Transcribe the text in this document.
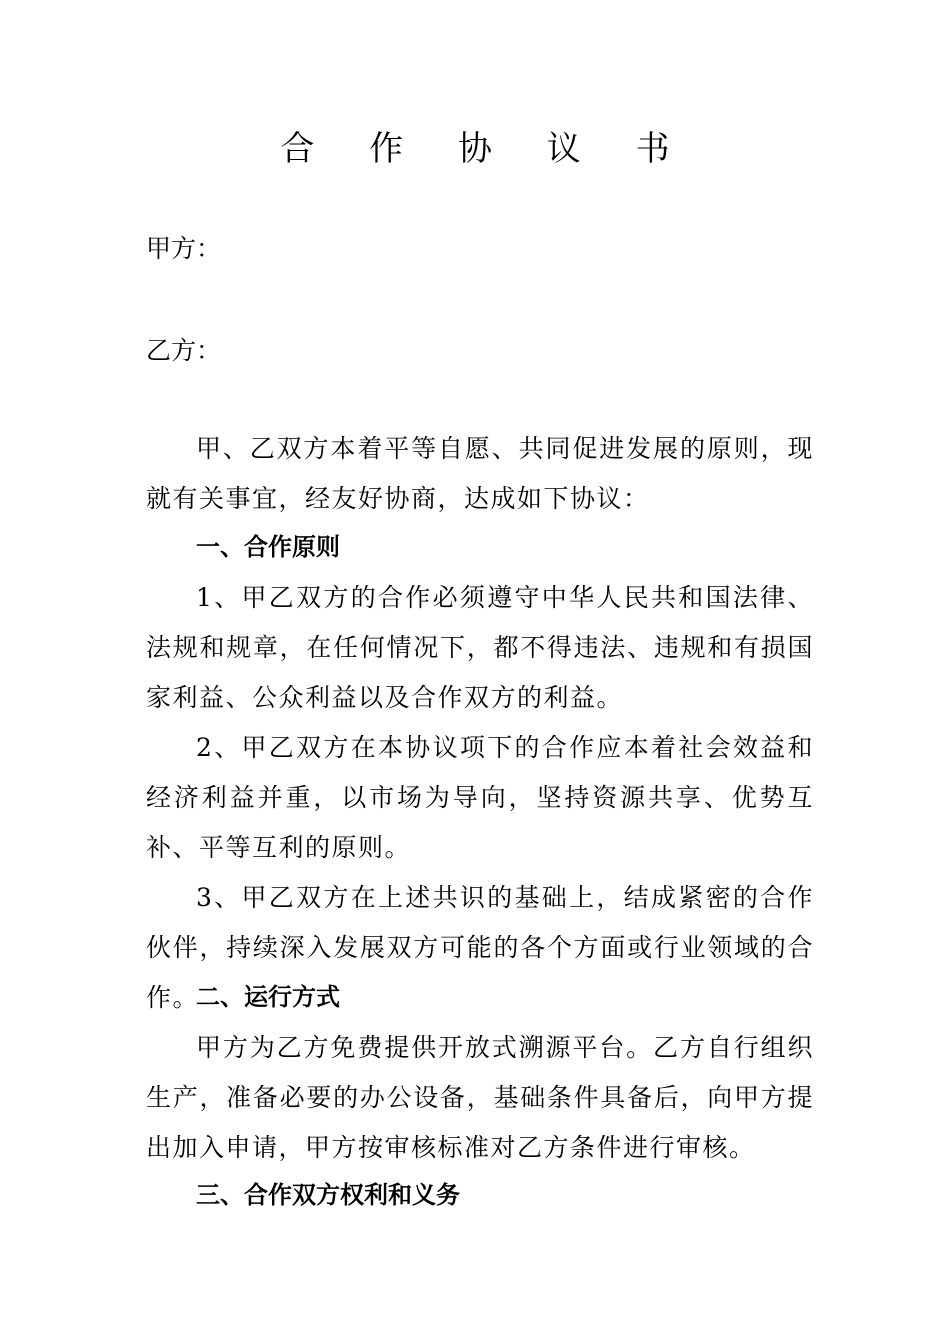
合 作 协 议 书
甲方：
乙方：
甲、乙双方本着平等自愿、共同促进发展的原则，现就有关事宜，经友好协商，达成如下协议：
一、合作原则
1、甲乙双方的合作必须遵守中华人民共和国法律、法规和规章，在任何情况下，都不得违法、违规和有损国家利益、公众利益以及合作双方的利益。
2、甲乙双方在本协议项下的合作应本着社会效益和经济利益并重，以市场为导向，坚持资源共享、优势互补、平等互利的原则。
3、甲乙双方在上述共识的基础上，结成紧密的合作伙伴，持续深入发展双方可能的各个方面或行业领域的合作。
二、运行方式
甲方为乙方免费提供开放式溯源平台。乙方自行组织生产，准备必要的办公设备，基础条件具备后，向甲方提出加入申请，甲方按审核标准对乙方条件进行审核。
三、合作双方权利和义务
